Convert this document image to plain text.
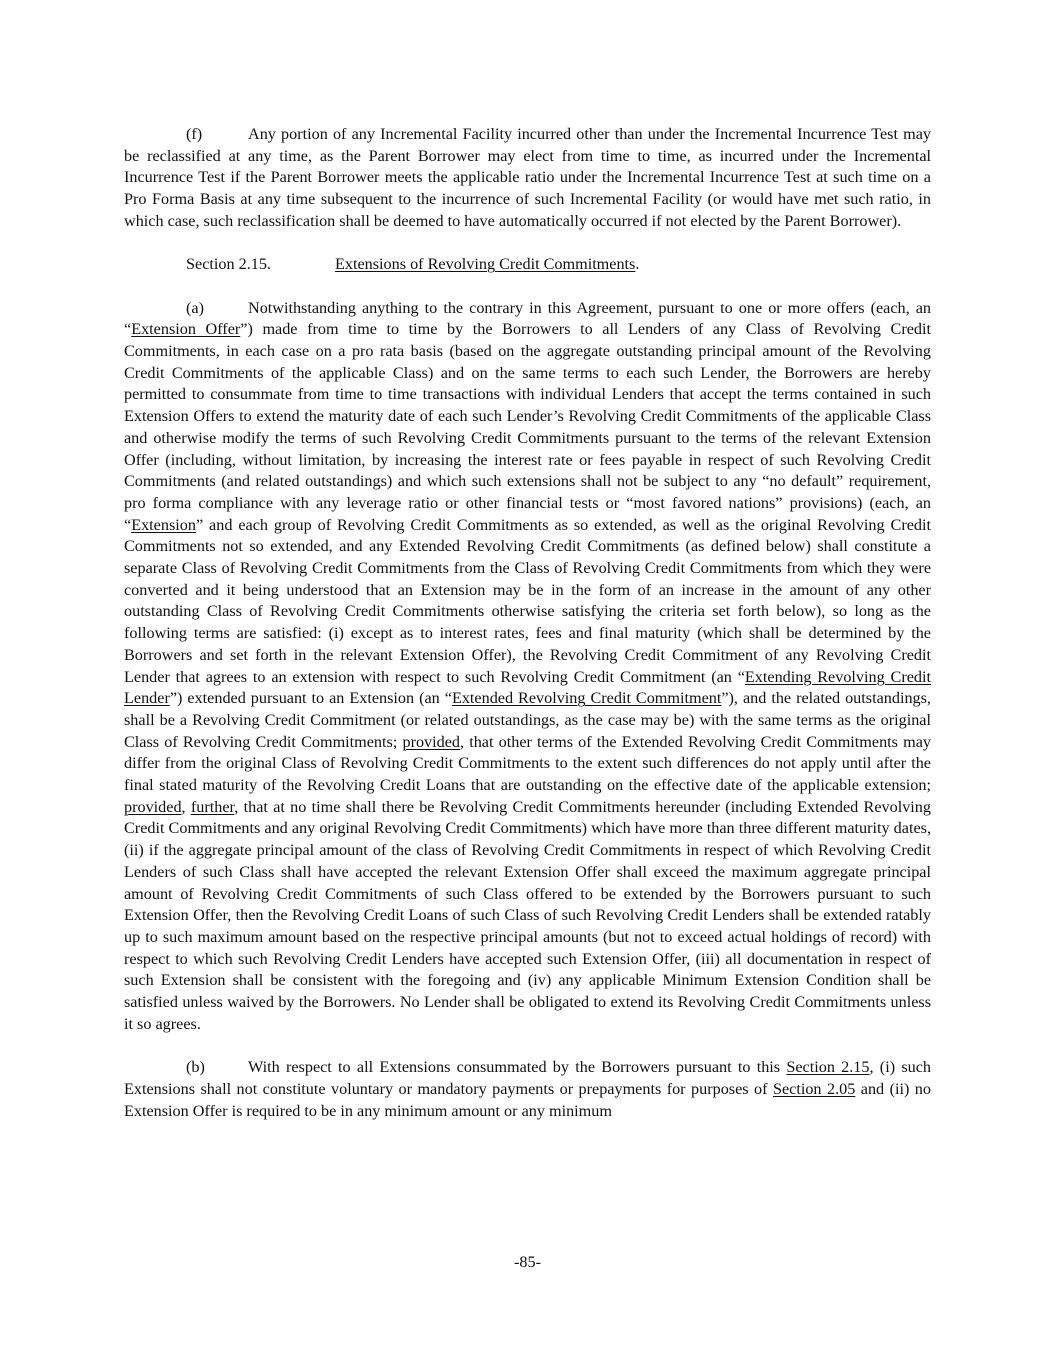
(f)	Any portion of any Incremental Facility incurred other than under the Incremental Incurrence Test may be reclassified at any time, as the Parent Borrower may elect from time to time, as incurred under the Incremental Incurrence Test if the Parent Borrower meets the applicable ratio under the Incremental Incurrence Test at such time on a Pro Forma Basis at any time subsequent to the incurrence of such Incremental Facility (or would have met such ratio, in which case, such reclassification shall be deemed to have automatically occurred if not elected by the Parent Borrower).

Section 2.15.	Extensions of Revolving Credit Commitments.

(a)	Notwithstanding anything to the contrary in this Agreement, pursuant to one or more offers (each, an “Extension Offer”) made from time to time by the Borrowers to all Lenders of any Class of Revolving Credit Commitments, in each case on a pro rata basis (based on the aggregate outstanding principal amount of the Revolving Credit Commitments of the applicable Class) and on the same terms to each such Lender, the Borrowers are hereby permitted to consummate from time to time transactions with individual Lenders that accept the terms contained in such Extension Offers to extend the maturity date of each such Lender’s Revolving Credit Commitments of the applicable Class and otherwise modify the terms of such Revolving Credit Commitments pursuant to the terms of the relevant Extension Offer (including, without limitation, by increasing the interest rate or fees payable in respect of such Revolving Credit Commitments (and related outstandings) and which such extensions shall not be subject to any “no default” requirement, pro forma compliance with any leverage ratio or other financial tests or “most favored nations” provisions) (each, an “Extension” and each group of Revolving Credit Commitments as so extended, as well as the original Revolving Credit Commitments not so extended, and any Extended Revolving Credit Commitments (as defined below) shall constitute a separate Class of Revolving Credit Commitments from the Class of Revolving Credit Commitments from which they were converted and it being understood that an Extension may be in the form of an increase in the amount of any other outstanding Class of Revolving Credit Commitments otherwise satisfying the criteria set forth below), so long as the following terms are satisfied: (i) except as to interest rates, fees and final maturity (which shall be determined by the Borrowers and set forth in the relevant Extension Offer), the Revolving Credit Commitment of any Revolving Credit Lender that agrees to an extension with respect to such Revolving Credit Commitment (an “Extending Revolving Credit Lender”) extended pursuant to an Extension (an “Extended Revolving Credit Commitment”), and the related outstandings, shall be a Revolving Credit Commitment (or related outstandings, as the case may be) with the same terms as the original Class of Revolving Credit Commitments; provided, that other terms of the Extended Revolving Credit Commitments may differ from the original Class of Revolving Credit Commitments to the extent such differences do not apply until after the final stated maturity of the Revolving Credit Loans that are outstanding on the effective date of the applicable extension; provided, further, that at no time shall there be Revolving Credit Commitments hereunder (including Extended Revolving Credit Commitments and any original Revolving Credit Commitments) which have more than three different maturity dates, (ii) if the aggregate principal amount of the class of Revolving Credit Commitments in respect of which Revolving Credit Lenders of such Class shall have accepted the relevant Extension Offer shall exceed the maximum aggregate principal amount of Revolving Credit Commitments of such Class offered to be extended by the Borrowers pursuant to such Extension Offer, then the Revolving Credit Loans of such Class of such Revolving Credit Lenders shall be extended ratably up to such maximum amount based on the respective principal amounts (but not to exceed actual holdings of record) with respect to which such Revolving Credit Lenders have accepted such Extension Offer, (iii) all documentation in respect of such Extension shall be consistent with the foregoing and (iv) any applicable Minimum Extension Condition shall be satisfied unless waived by the Borrowers. No Lender shall be obligated to extend its Revolving Credit Commitments unless it so agrees.

(b)	With respect to all Extensions consummated by the Borrowers pursuant to this Section 2.15, (i) such Extensions shall not constitute voluntary or mandatory payments or prepayments for purposes of Section 2.05 and (ii) no Extension Offer is required to be in any minimum amount or any minimum

-85-
